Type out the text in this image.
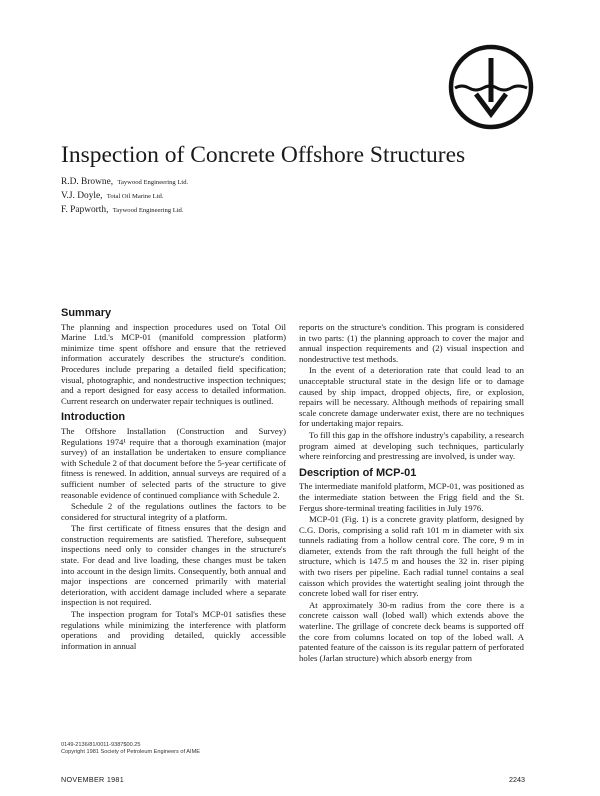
Inspection of Concrete Offshore Structures
R.D. Browne, Taywood Engineering Ltd.
V.J. Doyle, Total Oil Marine Ltd.
F. Papworth, Taywood Engineering Ltd.
Summary

The planning and inspection procedures used on Total Oil Marine Ltd.'s MCP-01 (manifold compression platform) minimize time spent offshore and ensure that the retrieved information accurately describes the structure's condition. Procedures include preparing a detailed field specification; visual, photographic, and nondestructive inspection techniques; and a report designed for easy access to detailed information. Current research on underwater repair techniques is outlined.

Introduction

The Offshore Installation (Construction and Survey) Regulations 1974¹ require that a thorough examination (major survey) of an installation be undertaken to ensure compliance with Schedule 2 of that document before the 5-year certificate of fitness is renewed. In addition, annual surveys are required of a sufficient number of selected parts of the structure to give reasonable evidence of continued compliance with Schedule 2.

Schedule 2 of the regulations outlines the factors to be considered for structural integrity of a platform.

The first certificate of fitness ensures that the design and construction requirements are satisfied. Therefore, subsequent inspections need only to consider changes in the structure's state. For dead and live loading, these changes must be taken into account in the design limits. Consequently, both annual and major inspections are concerned primarily with material deterioration, with accident damage included where a separate inspection is not required.

The inspection program for Total's MCP-01 satisfies these regulations while minimizing the interference with platform operations and providing detailed, quickly accessible information in annual

reports on the structure's condition. This program is considered in two parts: (1) the planning approach to cover the major and annual inspection requirements and (2) visual inspection and nondestructive test methods.

In the event of a deterioration rate that could lead to an unacceptable structural state in the design life or to damage caused by ship impact, dropped objects, fire, or explosion, repairs will be necessary. Although methods of repairing small scale concrete damage underwater exist, there are no techniques for undertaking major repairs.

To fill this gap in the offshore industry's capability, a research program aimed at developing such techniques, particularly where reinforcing and prestressing are involved, is under way.

Description of MCP-01

The intermediate manifold platform, MCP-01, was positioned as the intermediate station between the Frigg field and the St. Fergus shore-terminal treating facilities in July 1976.

MCP-01 (Fig. 1) is a concrete gravity platform, designed by C.G. Doris, comprising a solid raft 101 m in diameter with six tunnels radiating from a hollow central core. The core, 9 m in diameter, extends from the raft through the full height of the structure, which is 147.5 m and houses the 32 in. riser piping with two risers per pipeline. Each radial tunnel contains a seal caisson which provides the watertight sealing joint through the concrete lobed wall for riser entry.

At approximately 30-m radius from the core there is a concrete caisson wall (lobed wall) which extends above the waterline. The grillage of concrete deck beams is supported off the core from columns located on top of the lobed wall. A patented feature of the caisson is its regular pattern of perforated holes (Jarlan structure) which absorb energy from

0149-2136/81/0011-9387$00.25
Copyright 1981 Society of Petroleum Engineers of AIME
NOVEMBER 1981	2243
